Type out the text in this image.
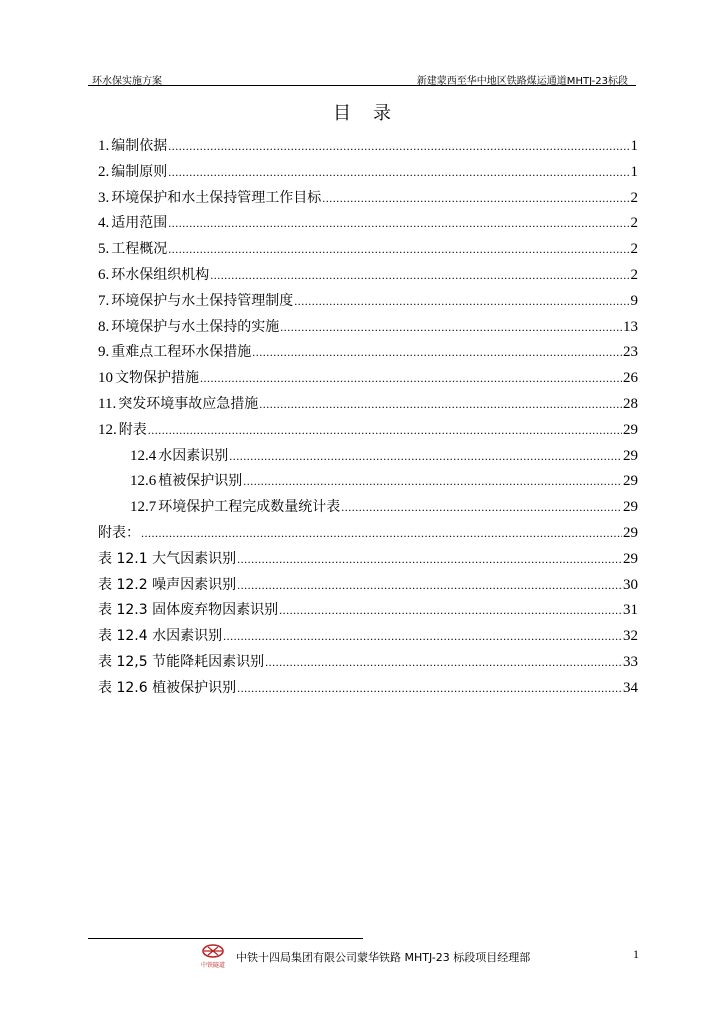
环水保实施方案	新建蒙西至华中地区铁路煤运通道MHTJ-23标段
目录
1. 编制依据 .....	1
2. 编制原则 .....	1
3. 环境保护和水土保持管理工作目标 .....	2
4. 适用范围 .....	2
5. 工程概况 .....	2
6. 环水保组织机构 .....	2
7. 环境保护与水土保持管理制度 .....	9
8. 环境保护与水土保持的实施 .....	13
9. 重难点工程环水保措施 .....	23
10 文物保护措施 .....	26
11. 突发环境事故应急措施 .....	28
12. 附表 .....	29
12.4 水因素识别 .....	29
12.6 植被保护识别 .....	29
12.7 环境保护工程完成数量统计表 .....	29
附表： .....	29
表 12.1 大气因素识别 .....	29
表 12.2 噪声因素识别 .....	30
表 12.3 固体废弃物因素识别 .....	31
表 12.4 水因素识别 .....	32
表 12,5 节能降耗因素识别 .....	33
表 12.6 植被保护识别 .....	34
中铁隧道
中铁十四局集团有限公司蒙华铁路 MHTJ-23 标段项目经理部	1
